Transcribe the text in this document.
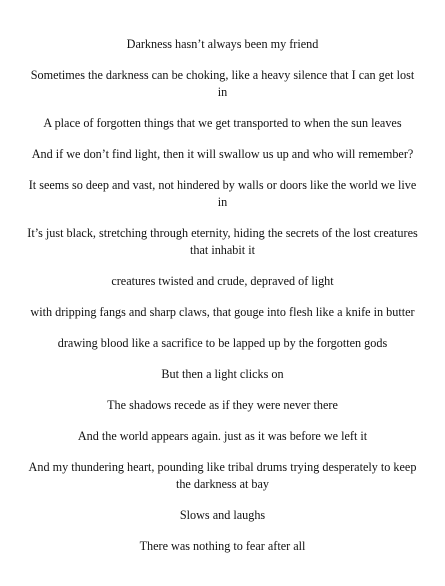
Darkness hasn’t always been my friend

Sometimes the darkness can be choking, like a heavy silence that I can get lost in

A place of forgotten things that we get transported to when the sun leaves

And if we don’t find light, then it will swallow us up and who will remember?

It seems so deep and vast, not hindered by walls or doors like the world we live in

It’s just black, stretching through eternity, hiding the secrets of the lost creatures that inhabit it

creatures twisted and crude, depraved of light

with dripping fangs and sharp claws, that gouge into flesh like a knife in butter

drawing blood like a sacrifice to be lapped up by the forgotten gods

But then a light clicks on

The shadows recede as if they were never there

And the world appears again. just as it was before we left it

And my thundering heart, pounding like tribal drums trying desperately to keep the darkness at bay

Slows and laughs

There was nothing to fear after all
